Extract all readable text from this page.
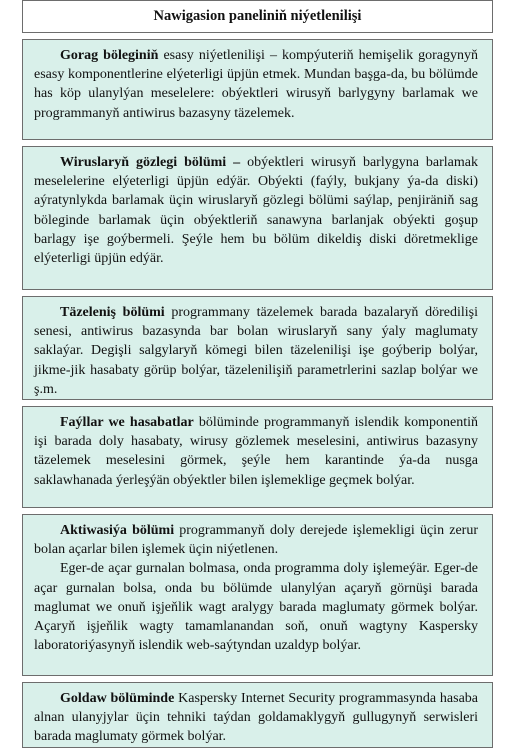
Nawigasion paneliniň niýetlenilişi

Gorag böleginiň esasy niýetlenilişi – kompýuteriň hemişelik goragynyň esasy komponentlerine elýeterligi üpjün etmek. Mundan başga-da, bu bölümde has köp ulanylýan meselelere: obýektleri wirusyň barlygyny barlamak we programmanyň antiwirus bazasyny täzelemek.

Wiruslaryň gözlegi bölümi – obýektleri wirusyň barlygyna barlamak meselelerine elýeterligi üpjün edýär. Obýekti (faýly, bukjany ýa-da diski) aýratynlykda barlamak üçin wiruslaryň gözlegi bölümi saýlap, penjiräniň sag böleginde barlamak üçin obýektleriň sanawyna barlanjak obýekti goşup barlagy işe goýbermeli. Şeýle hem bu bölüm dikeldiş diski döretmeklige elýeterligi üpjün edýär.

Täzeleniş bölümi programmany täzelemek barada bazalaryň döredilişi senesi, antiwirus bazasynda bar bolan wiruslaryň sany ýaly maglumaty saklaýar. Degişli salgylaryň kömegi bilen täzelenilişi işe goýberip bolýar, jikme-jik hasabaty görüp bolýar, täzelenilişiň parametrlerini sazlap bolýar we ş.m.

Faýllar we hasabatlar bölüminde programmanyň islendik komponentiň işi barada doly hasabaty, wirusy gözlemek meselesini, antiwirus bazasyny täzelemek meselesini görmek, şeýle hem karantinde ýa-da nusga saklawhanada ýerleşýän obýektler bilen işlemeklige geçmek bolýar.

Aktiwasiýa bölümi programmanyň doly derejede işlemekligi üçin zerur bolan açarlar bilen işlemek üçin niýetlenen.

Eger-de açar gurnalan bolmasa, onda programma doly işlemeýär. Eger-de açar gurnalan bolsa, onda bu bölümde ulanylýan açaryň görnüşi barada maglumat we onuň işjeňlik wagt aralygy barada maglumaty görmek bolýar. Açaryň işjeňlik wagty tamamlanandan soň, onuň wagtyny Kaspersky laboratoriýasynyň islendik web-saýtyndan uzaldyp bolýar.

Goldaw bölüminde Kaspersky Internet Security programmasynda hasaba alnan ulanyjylar üçin tehniki taýdan goldamaklygyň gullugynyň serwisleri barada maglumaty görmek bolýar.
